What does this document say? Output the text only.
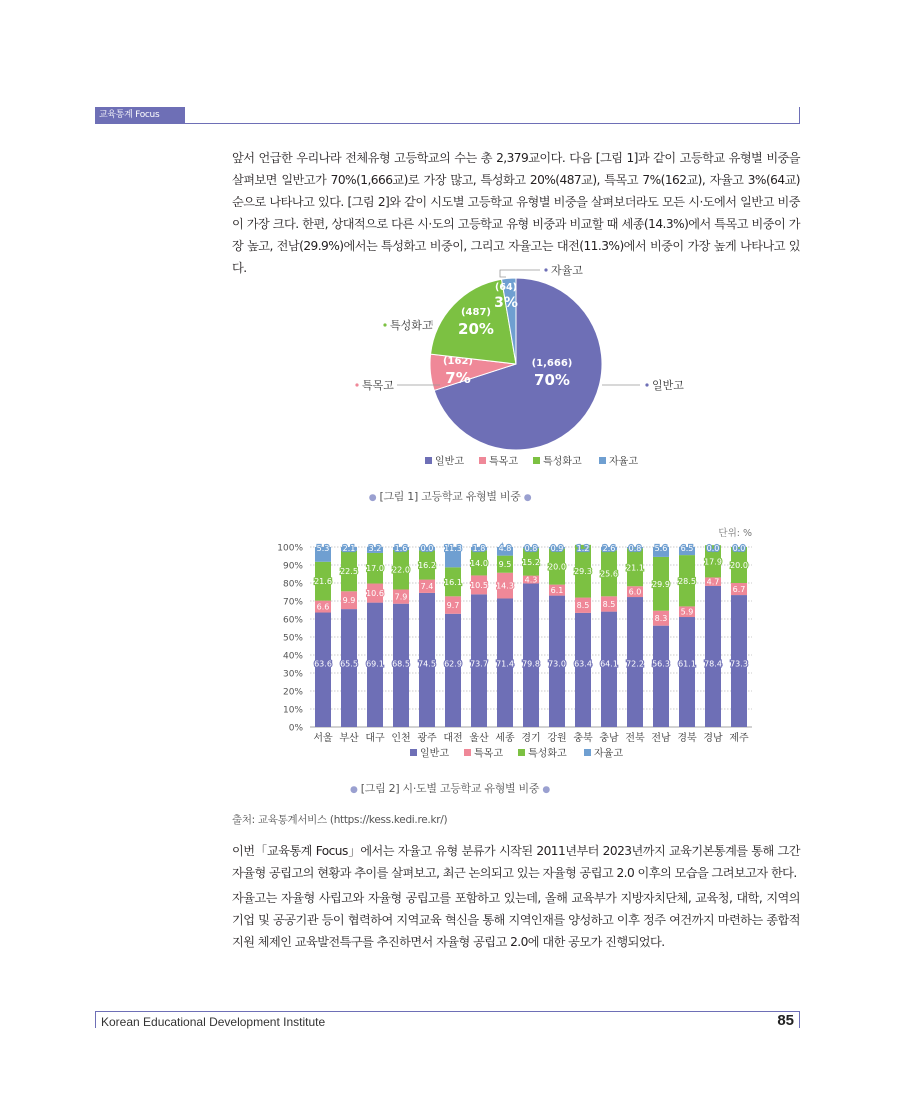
교육통계 Focus

앞서 언급한 우리나라 전체유형 고등학교의 수는 총 2,379교이다. 다음 [그림 1]과 같이 고등학교 유형별 비중을 살펴보면 일반고가 70%(1,666교)로 가장 많고, 특성화고 20%(487교), 특목고 7%(162교), 자율고 3%(64교) 순으로 나타나고 있다. [그림 2]와 같이 시도별 고등학교 유형별 비중을 살펴보더라도 모든 시·도에서 일반고 비중이 가장 크다. 한편, 상대적으로 다른 시·도의 고등학교 유형 비중과 비교할 때 세종(14.3%)에서 특목고 비중이 가장 높고, 전남(29.9%)에서는 특성화고 비중이, 그리고 자율고는 대전(11.3%)에서 비중이 가장 높게 나타나고 있다.

(1,666)
70%
(162)
7%
(487)
20%
(64)
3%
자율고
특성화고
특목고	일반고
일반고	특목고	특성화고	자율고
단위: %
100%
90%
80%
70%
60%
50%
40%
30%
20%
10%
0%
63.6
6.6
21.6
5.3
서울
65.5
9.9
22.5
2.1
부산
69.1
10.6
17.0
3.2
대구
68.5
7.9
22.0
1.6
인천
74.5
7.4
16.2
0.0
광주
62.9
9.7
16.1
11.3
대전
73.7
10.5
14.0
1.8
울산
71.4
14.3
9.5
4.8
세종
79.8
4.3
15.2
0.8
경기
73.0
6.1
20.0
0.9
강원
63.4
8.5
29.3
1.2
충북
64.1
8.5
25.6
2.6
충남
72.2
6.0
21.1
0.8
전북
56.3
8.3
29.9
5.6
전남
61.1
5.9
28.5
6.5
경북
78.4
4.7
17.9
0.0
경남
73.3
6.7
20.0
0.0
제주
일반고	특목고	특성화고	자율고
● [그림 1] 고등학교 유형별 비중 ●
● [그림 2] 시·도별 고등학교 유형별 비중 ●
출처: 교육통계서비스 (https://kess.kedi.re.kr/)

이번「교육통계 Focus」에서는 자율고 유형 분류가 시작된 2011년부터 2023년까지 교육기본통계를 통해 그간 자율형 공립고의 현황과 추이를 살펴보고, 최근 논의되고 있는 자율형 공립고 2.0 이후의 모습을 그려보고자 한다.

자율고는 자율형 사립고와 자율형 공립고를 포함하고 있는데, 올해 교육부가 지방자치단체, 교육청, 대학, 지역의 기업 및 공공기관 등이 협력하여 지역교육 혁신을 통해 지역인재를 양성하고 이후 정주 여건까지 마련하는 종합적 지원 체제인 교육발전특구를 추진하면서 자율형 공립고 2.0에 대한 공모가 진행되었다.

Korean Educational Development Institute	85
